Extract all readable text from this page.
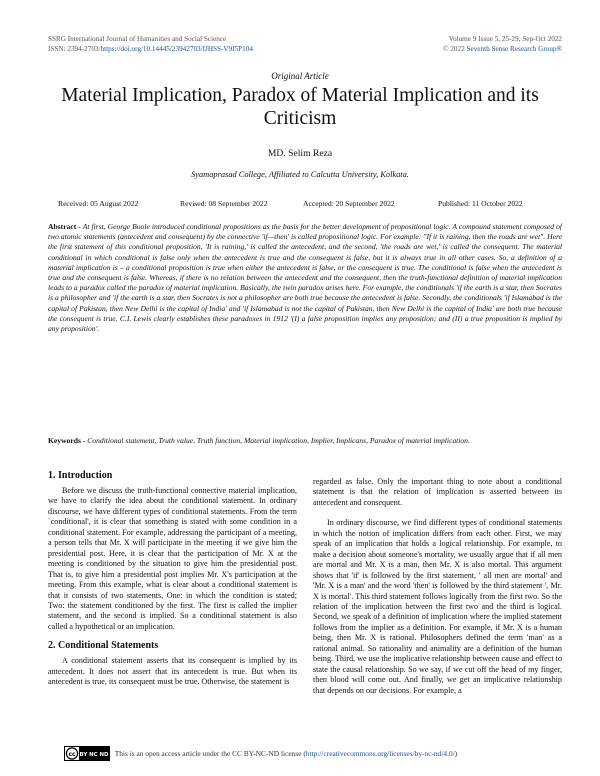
SSRG International Journal of Humanities and Social Science
ISSN: 2394-2703/https://doi.org/10.14445/23942703/IJHSS-V9I5P104
Volume 9 Issue 5, 25-29, Sep-Oct 2022
© 2022 Seventh Sense Research Group®
Original Article
Material Implication, Paradox of Material Implication and its Criticism
MD. Selim Reza
Syamaprasad College, Affiliated to Calcutta University, Kolkata.
Received: 05 August 2022	Revised: 08 September 2022	Accepted: 20 September 2022	Published: 11 October 2022

Abstract - At first, George Boole introduced conditional propositions as the basis for the better development of propositional logic. A compound statement composed of two atomic statements (antecedent and consequent) by the connective 'if—then' is called propositional logic. For example: "If it is raining, then the roads are wet". Here the first statement of this conditional proposition, 'It is raining,' is called the antecedent, and the second, 'the roads are wet,' is called the consequent. The material conditional in which conditional is false only when the antecedent is true and the consequent is false, but it is always true in all other cases. So, a definition of a material implication is – a conditional proposition is true when either the antecedent is false, or the consequent is true. The conditional is false when the antecedent is true and the consequent is false. Whereas, if there is no relation between the antecedent and the consequent, then the truth-functional definition of material implication leads to a paradox called the paradox of material implication. Basically, the twin paradox arises here. For example, the conditionals 'if the earth is a star, then Socrates is a philosopher and 'if the earth is a star, then Socrates is not a philosopher are both true because the antecedent is false. Secondly, the conditionals 'if Islamabad is the capital of Pakistan, then New Delhi is the capital of India' and 'if Islamabad is not the capital of Pakistan, then New Delhi is the capital of India' are both true because the consequent is true. C.I. Lewis clearly establishes these paradoxes in 1912 '(I) a false proposition implies any proposition; and (II) a true proposition is implied by any proposition'.

Keywords - Conditional statement, Truth value, Truth function, Material implication, Implier, Implicans, Paradox of material implication.

1. Introduction

Before we discuss the truth-functional connective material implication, we have to clarify the idea about the conditional statement. In ordinary discourse, we have different types of conditional statements. From the term `conditional', it is clear that something is stated with some condition in a conditional statement. For example, addressing the participant of a meeting, a person tells that Mr. X will participate in the meeting if we give him the presidential post. Here, it is clear that the participation of Mr. X at the meeting is conditioned by the situation to give him the presidential post. That is, to give him a presidential post implies Mr. X's participation at the meeting. From this example, what is clear about a conditional statement is that it consists of two statements, One: in which the condition is stated; Two: the statement conditioned by the first. The first is called the implier statement, and the second is implied. So a conditional statement is also called a hypothetical or an implication.

2. Conditional Statements

A conditional statement asserts that its consequent is implied by its antecedent. It does not assert that its antecedent is true. But when its antecedent is true, its consequent must be true. Otherwise, the statement is

regarded as false. Only the important thing to note about a conditional statement is that the relation of implication is asserted between its antecedent and consequent.

In ordinary discourse, we find different types of conditional statements in which the notion of implication differs from each other. First, we may speak of an implication that holds a logical relationship. For example, to make a decision about someone's mortality, we usually argue that if all men are mortal and Mr. X is a man, then Mr. X is also mortal. This argument shows that 'if' is followed by the first statement, ' all men are mortal' and 'Mr. X is a man' and the word 'then' is followed by the third statement ', Mr. X is mortal'. This third statement follows logically from the first two. So the relation of the implication between the first two and the third is logical. Second, we speak of a definition of implication where the implied statement follows from the implier as a definition. For example, if Mr. X is a human being, then Mr. X is rational. Philosophers defined the term 'man' as a rational animal. So rationality and animality are a definition of the human being. Third, we use the implicative relationship between cause and effect to state the causal relationship. So we say, if we cut off the head of my finger, then blood will come out. And finally, we get an implicative relationship that depends on our decisions. For example, a

cc BY NC ND This is an open access article under the CC BY-NC-ND license (http://creativecommons.org/licenses/by-nc-nd/4.0/)
